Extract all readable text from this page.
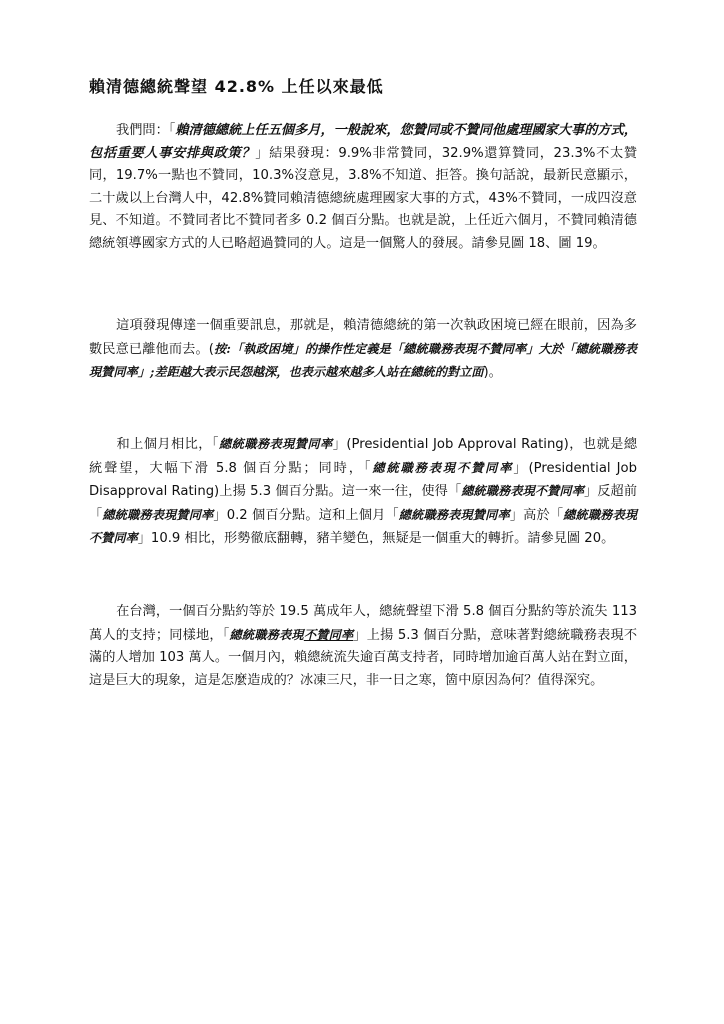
賴清德總統聲望 42.8% 上任以來最低

我們問：「賴清德總統上任五個多月，一般說來，您贊同或不贊同他處理國家大事的方式，包括重要人事安排與政策？」結果發現：9.9%非常贊同，32.9%還算贊同，23.3%不太贊同，19.7%一點也不贊同，10.3%沒意見，3.8%不知道、拒答。換句話說，最新民意顯示，二十歲以上台灣人中，42.8%贊同賴清德總統處理國家大事的方式，43%不贊同，一成四沒意見、不知道。不贊同者比不贊同者多 0.2 個百分點。也就是說，上任近六個月，不贊同賴清德總統領導國家方式的人已略超過贊同的人。這是一個驚人的發展。請參見圖 18、圖 19。

這項發現傳達一個重要訊息，那就是，賴清德總統的第一次執政困境已經在眼前，因為多數民意已離他而去。(按:「執政困境」的操作性定義是「總統職務表現不贊同率」大於「總統職務表現贊同率」;差距越大表示民怨越深，也表示越來越多人站在總統的對立面)。

和上個月相比，「總統職務表現贊同率」(Presidential Job Approval Rating)，也就是總統聲望，大幅下滑 5.8 個百分點；同時，「總統職務表現不贊同率」(Presidential Job Disapproval Rating)上揚 5.3 個百分點。這一來一往，使得「總統職務表現不贊同率」反超前「總統職務表現贊同率」0.2 個百分點。這和上個月「總統職務表現贊同率」高於「總統職務表現不贊同率」10.9 相比，形勢徹底翻轉，豬羊變色，無疑是一個重大的轉折。請參見圖 20。

在台灣，一個百分點約等於 19.5 萬成年人，總統聲望下滑 5.8 個百分點約等於流失 113 萬人的支持；同樣地，「總統職務表現不贊同率」上揚 5.3 個百分點，意味著對總統職務表現不滿的人增加 103 萬人。一個月內，賴總統流失逾百萬支持者，同時增加逾百萬人站在對立面，這是巨大的現象，這是怎麼造成的？冰凍三尺，非一日之寒，箇中原因為何？值得深究。
